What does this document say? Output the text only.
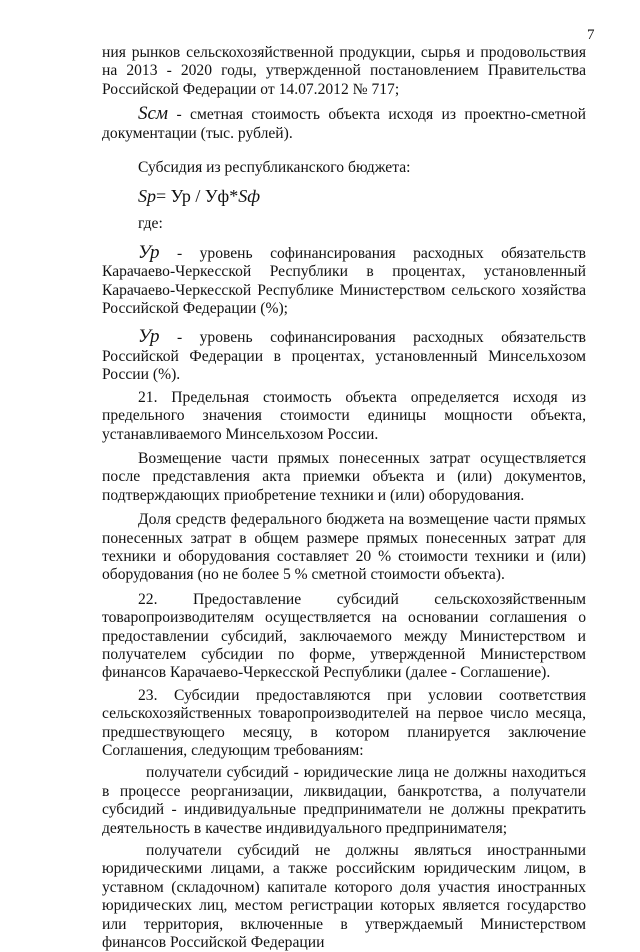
7

ния рынков сельскохозяйственной продукции, сырья и продовольствия на 2013 - 2020 годы, утвержденной постановлением Правительства Российской Федерации от 14.07.2012 № 717;

Sсм - сметная стоимость объекта исходя из проектно-сметной документации (тыс. рублей).

Субсидия из республиканского бюджета:

Sр= Ур / Уф*Sф

где:

Ур - уровень софинансирования расходных обязательств Карачаево-Черкесской Республики в процентах, установленный Карачаево-Черкесской Республике Министерством сельского хозяйства Российской Федерации (%);

Ур - уровень софинансирования расходных обязательств Российской Федерации в процентах, установленный Минсельхозом России (%).

21. Предельная стоимость объекта определяется исходя из предельного значения стоимости единицы мощности объекта, устанавливаемого Минсельхозом России.

Возмещение части прямых понесенных затрат осуществляется после представления акта приемки объекта и (или) документов, подтверждающих приобретение техники и (или) оборудования.

Доля средств федерального бюджета на возмещение части прямых понесенных затрат в общем размере прямых понесенных затрат для техники и оборудования составляет 20 % стоимости техники и (или) оборудования (но не более 5 % сметной стоимости объекта).

22. Предоставление субсидий сельскохозяйственным товаропроизводителям осуществляется на основании соглашения о предоставлении субсидий, заключаемого между Министерством и получателем субсидии по форме, утвержденной Министерством финансов Карачаево-Черкесской Республики (далее - Соглашение).

23. Субсидии предоставляются при условии соответствия сельскохозяйственных товаропроизводителей на первое число месяца, предшествующего месяцу, в котором планируется заключение Соглашения, следующим требованиям:

получатели субсидий - юридические лица не должны находиться в процессе реорганизации, ликвидации, банкротства, а получатели субсидий - индивидуальные предприниматели не должны прекратить деятельность в качестве индивидуального предпринимателя;

получатели субсидий не должны являться иностранными юридическими лицами, а также российским юридическим лицом, в уставном (складочном) капитале которого доля участия иностранных юридических лиц, местом регистрации которых является государство или территория, включенные в утверждаемый Министерством финансов Российской Федерации
